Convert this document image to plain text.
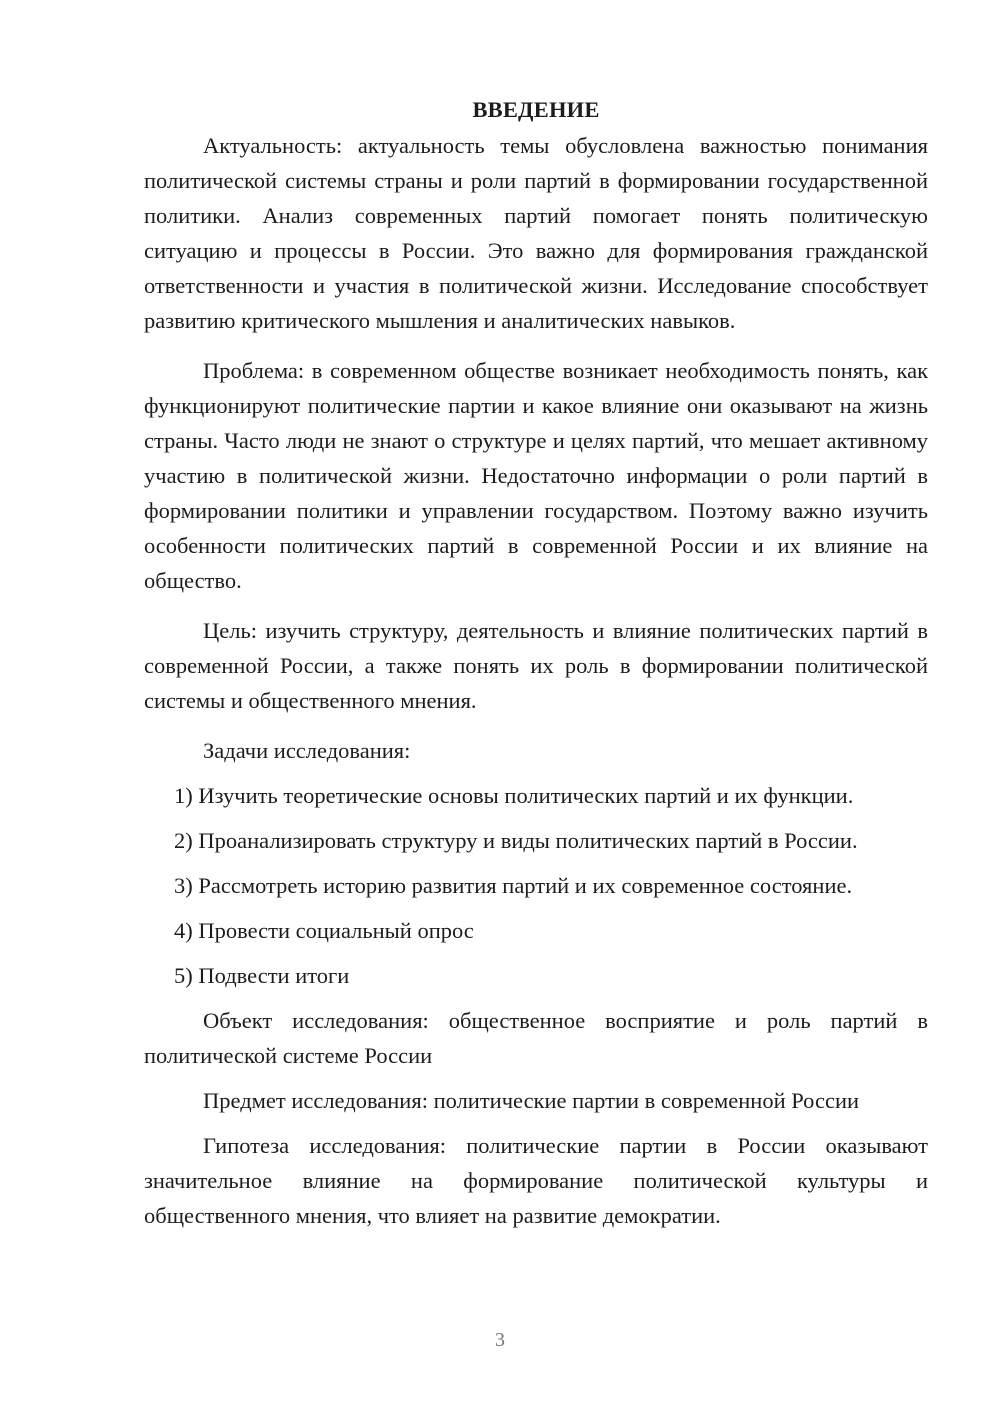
ВВЕДЕНИЕ

Актуальность: актуальность темы обусловлена важностью понимания политической системы страны и роли партий в формировании государственной политики. Анализ современных партий помогает понять политическую ситуацию и процессы в России. Это важно для формирования гражданской ответственности и участия в политической жизни. Исследование способствует развитию критического мышления и аналитических навыков.

Проблема: в современном обществе возникает необходимость понять, как функционируют политические партии и какое влияние они оказывают на жизнь страны. Часто люди не знают о структуре и целях партий, что мешает активному участию в политической жизни. Недостаточно информации о роли партий в формировании политики и управлении государством. Поэтому важно изучить особенности политических партий в современной России и их влияние на общество.

Цель: изучить структуру, деятельность и влияние политических партий в современной России, а также понять их роль в формировании политической системы и общественного мнения.

Задачи исследования:

1) Изучить теоретические основы политических партий и их функции.

2) Проанализировать структуру и виды политических партий в России.

3) Рассмотреть историю развития партий и их современное состояние.

4) Провести социальный опрос

5) Подвести итоги

Объект исследования: общественное восприятие и роль партий в политической системе России

Предмет исследования: политические партии в современной России

Гипотеза исследования: политические партии в России оказывают значительное влияние на формирование политической культуры и общественного мнения, что влияет на развитие демократии.

3
